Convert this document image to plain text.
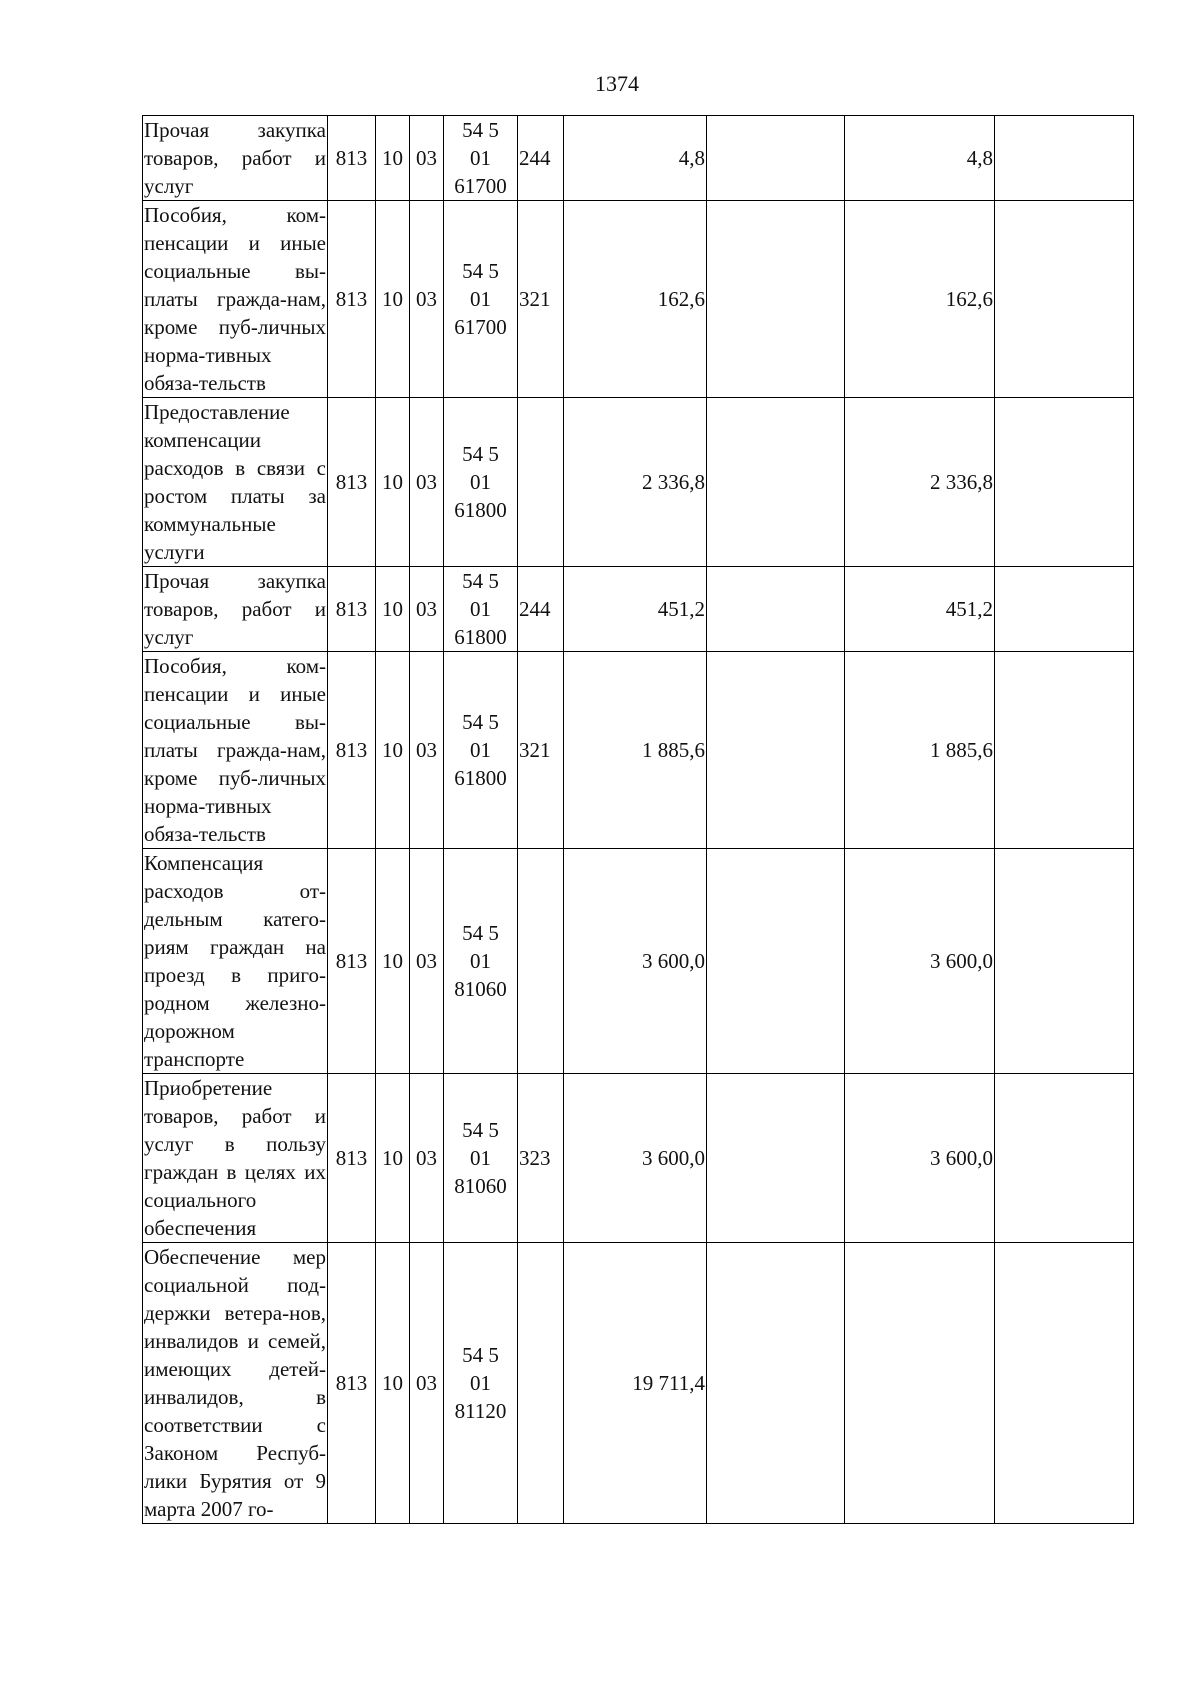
1374
Прочая закупка товаров, работ и услуг	813	10	03	54 5
01
61700	244	4,8		4,8	
Пособия, ком-пенсации и иные социальные вы-платы гражда-нам, кроме пуб-личных норма-тивных обяза-тельств	813	10	03	54 5
01
61700	321	162,6		162,6	
Предоставление компенсации расходов в связи с ростом платы за коммунальные услуги	813	10	03	54 5
01
61800		2 336,8		2 336,8	
Прочая закупка товаров, работ и услуг	813	10	03	54 5
01
61800	244	451,2		451,2	
Пособия, ком-пенсации и иные социальные вы-платы гражда-нам, кроме пуб-личных норма-тивных обяза-тельств	813	10	03	54 5
01
61800	321	1 885,6		1 885,6	
Компенсация расходов от-дельным катего-риям граждан на проезд в приго-родном железно-дорожном транспорте	813	10	03	54 5
01
81060		3 600,0		3 600,0	
Приобретение товаров, работ и услуг в пользу граждан в целях их социального обеспечения	813	10	03	54 5
01
81060	323	3 600,0		3 600,0	
Обеспечение мер социальной под-держки ветера-нов, инвалидов и семей, имеющих детей-инвалидов, в соответствии с Законом Респуб-лики Бурятия от 9 марта 2007 го-	813	10	03	54 5
01
81120		19 711,4			
